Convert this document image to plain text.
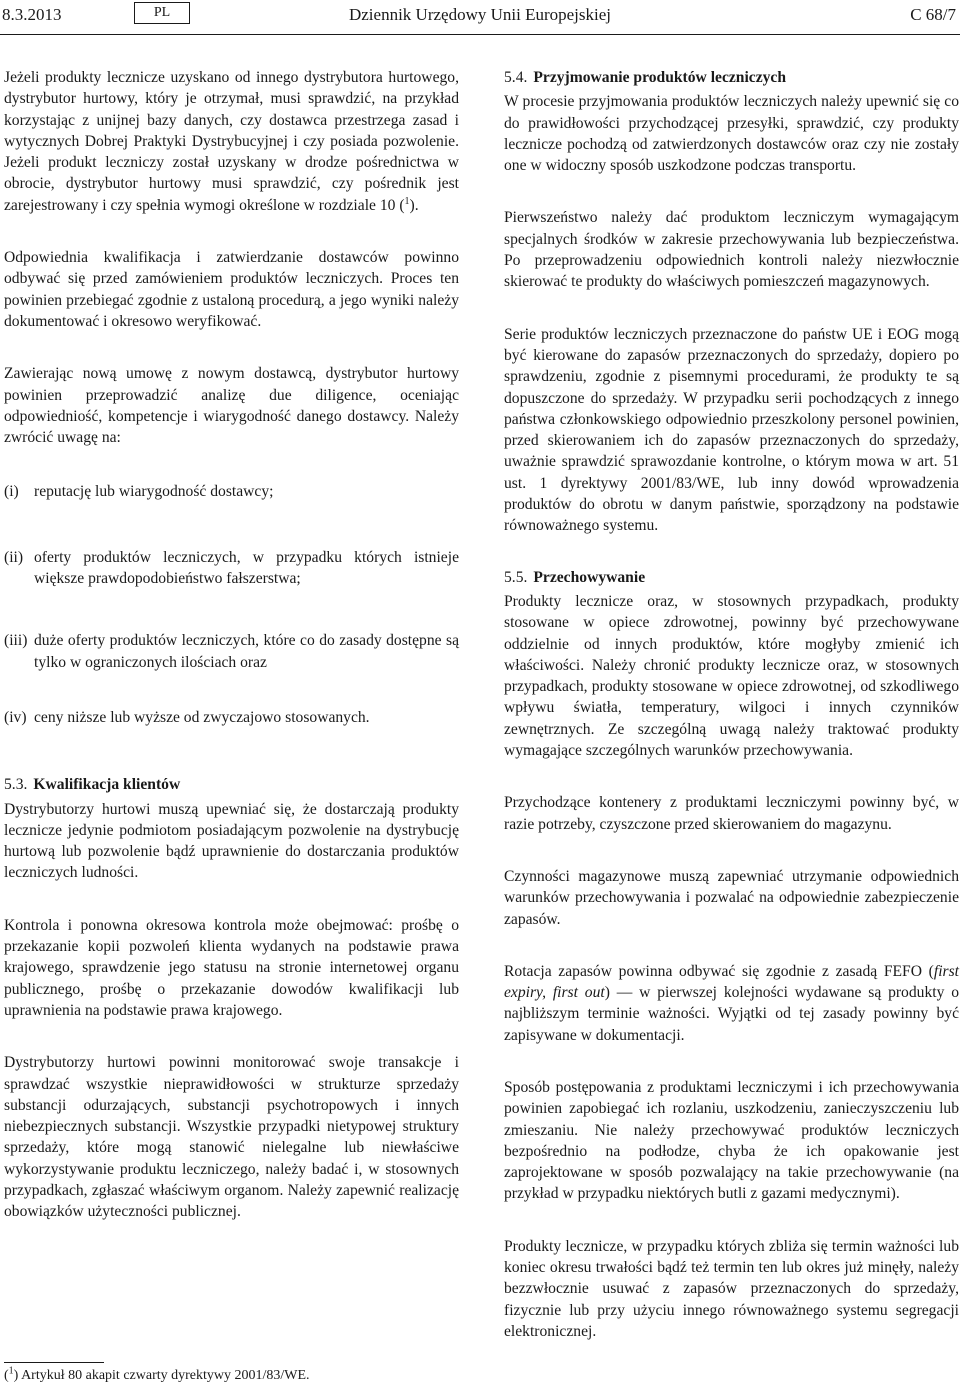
8.3.2013	PL	Dziennik Urzędowy Unii Europejskiej	C 68/7

Jeżeli produkty lecznicze uzyskano od innego dystrybutora hurtowego, dystrybutor hurtowy, który je otrzymał, musi sprawdzić, na przykład korzystając z unijnej bazy danych, czy dostawca przestrzega zasad i wytycznych Dobrej Praktyki Dystrybucyjnej i czy posiada pozwolenie. Jeżeli produkt leczniczy został uzyskany w drodze pośrednictwa w obrocie, dystrybutor hurtowy musi sprawdzić, czy pośrednik jest zarejestrowany i czy spełnia wymogi określone w rozdziale 10 ($^1$).

Odpowiednia kwalifikacja i zatwierdzanie dostawców powinno odbywać się przed zamówieniem produktów leczniczych. Proces ten powinien przebiegać zgodnie z ustaloną procedurą, a jego wyniki należy dokumentować i okresowo weryfikować.

Zawierając nową umowę z nowym dostawcą, dystrybutor hurtowy powinien przeprowadzić analizę due diligence, oceniając odpowiedniość, kompetencje i wiarygodność danego dostawcy. Należy zwrócić uwagę na:

(i) reputację lub wiarygodność dostawcy;
(ii) oferty produktów leczniczych, w przypadku których istnieje większe prawdopodobieństwo fałszerstwa;
(iii) duże oferty produktów leczniczych, które co do zasady dostępne są tylko w ograniczonych ilościach oraz
(iv) ceny niższe lub wyższe od zwyczajowo stosowanych.

5.3. Kwalifikacja klientów

Dystrybutorzy hurtowi muszą upewniać się, że dostarczają produkty lecznicze jedynie podmiotom posiadającym pozwolenie na dystrybucję hurtową lub pozwolenie bądź uprawnienie do dostarczania produktów leczniczych ludności.

Kontrola i ponowna okresowa kontrola może obejmować: prośbę o przekazanie kopii pozwoleń klienta wydanych na podstawie prawa krajowego, sprawdzenie jego statusu na stronie internetowej organu publicznego, prośbę o przekazanie dowodów kwalifikacji lub uprawnienia na podstawie prawa krajowego.

Dystrybutorzy hurtowi powinni monitorować swoje transakcje i sprawdzać wszystkie nieprawidłowości w strukturze sprzedaży substancji odurzających, substancji psychotropowych i innych niebezpiecznych substancji. Wszystkie przypadki nietypowej struktury sprzedaży, które mogą stanowić nielegalne lub niewłaściwe wykorzystywanie produktu leczniczego, należy badać i, w stosownych przypadkach, zgłaszać właściwym organom. Należy zapewnić realizację obowiązków użyteczności publicznej.

5.4. Przyjmowanie produktów leczniczych

W procesie przyjmowania produktów leczniczych należy upewnić się co do prawidłowości przychodzącej przesyłki, sprawdzić, czy produkty lecznicze pochodzą od zatwierdzonych dostawców oraz czy nie zostały one w widoczny sposób uszkodzone podczas transportu.

Pierwszeństwo należy dać produktom leczniczym wymagającym specjalnych środków w zakresie przechowywania lub bezpieczeństwa. Po przeprowadzeniu odpowiednich kontroli należy niezwłocznie skierować te produkty do właściwych pomieszczeń magazynowych.

Serie produktów leczniczych przeznaczone do państw UE i EOG mogą być kierowane do zapasów przeznaczonych do sprzedaży, dopiero po sprawdzeniu, zgodnie z pisemnymi procedurami, że produkty te są dopuszczone do sprzedaży. W przypadku serii pochodzących z innego państwa członkowskiego odpowiednio przeszkolony personel powinien, przed skierowaniem ich do zapasów przeznaczonych do sprzedaży, uważnie sprawdzić sprawozdanie kontrolne, o którym mowa w art. 51 ust. 1 dyrektywy 2001/83/WE, lub inny dowód wprowadzenia produktów do obrotu w danym państwie, sporządzony na podstawie równoważnego systemu.

5.5. Przechowywanie

Produkty lecznicze oraz, w stosownych przypadkach, produkty stosowane w opiece zdrowotnej, powinny być przechowywane oddzielnie od innych produktów, które mogłyby zmienić ich właściwości. Należy chronić produkty lecznicze oraz, w stosownych przypadkach, produkty stosowane w opiece zdrowotnej, od szkodliwego wpływu światła, temperatury, wilgoci i innych czynników zewnętrznych. Ze szczególną uwagą należy traktować produkty wymagające szczególnych warunków przechowywania.

Przychodzące kontenery z produktami leczniczymi powinny być, w razie potrzeby, czyszczone przed skierowaniem do magazynu.

Czynności magazynowe muszą zapewniać utrzymanie odpowiednich warunków przechowywania i pozwalać na odpowiednie zabezpieczenie zapasów.

Rotacja zapasów powinna odbywać się zgodnie z zasadą FEFO (first expiry, first out) — w pierwszej kolejności wydawane są produkty o najbliższym terminie ważności. Wyjątki od tej zasady powinny być zapisywane w dokumentacji.

Sposób postępowania z produktami leczniczymi i ich przechowywania powinien zapobiegać ich rozlaniu, uszkodzeniu, zanieczyszczeniu lub zmieszaniu. Nie należy przechowywać produktów leczniczych bezpośrednio na podłodze, chyba że ich opakowanie jest zaprojektowane w sposób pozwalający na takie przechowywanie (na przykład w przypadku niektórych butli z gazami medycznymi).

Produkty lecznicze, w przypadku których zbliża się termin ważności lub koniec okresu trwałości bądź też termin ten lub okres już minęły, należy bezzwłocznie usuwać z zapasów przeznaczonych do sprzedaży, fizycznie lub przy użyciu innego równoważnego systemu segregacji elektronicznej.

($^1$) Artykuł 80 akapit czwarty dyrektywy 2001/83/WE.
